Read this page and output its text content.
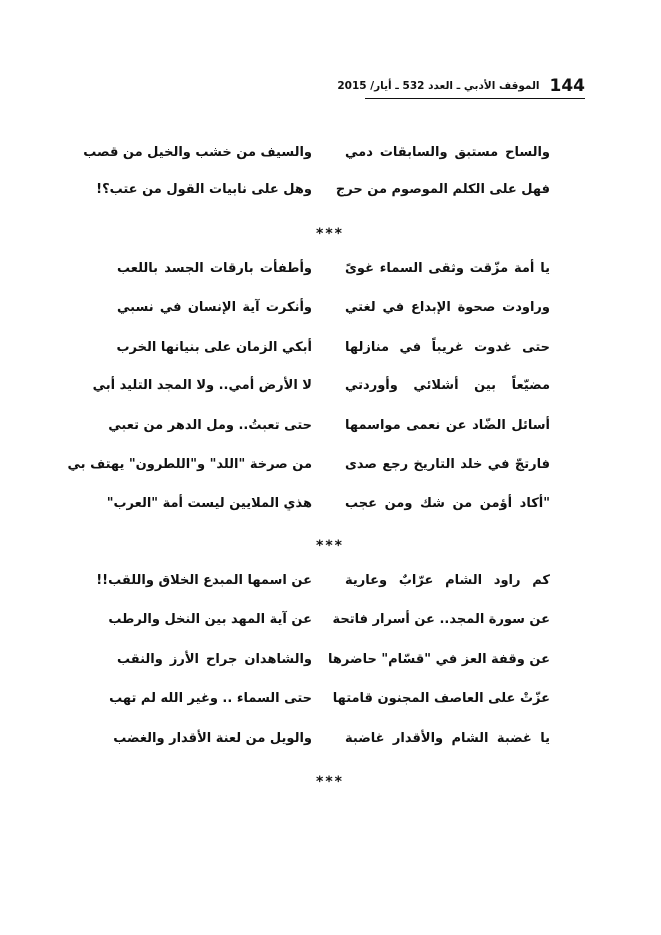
144
الموقف الأدبي ـ العدد 532 ـ أيار/ 2015
والساح مستبق والسابقات دمي
والسيف من خشب والخيل من قصب
فهل على الكلم الموصوم من حرج
وهل على نابيات القول من عتب؟!
***
يا أمة مزّقت وثقى السماء غوىً
وأطفأت بارقات الجسد باللعب
وراودت صحوة الإبداع في لغتي
وأنكرت آية الإنسان في نسبي
حتى غدوت غريباً في منازلها
أبكي الزمان على بنيانها الخرب
مضيّعاً بين أشلائي وأوردتي
لا الأرض أمي.. ولا المجد التليد أبي
أسائل الضّاد عن نعمى مواسمها
حتى تعبتُ.. ومل الدهر من تعبي
فارتجّ في خلد التاريخ رجع صدى
من صرخة "اللد" و"اللطرون" يهتف بي
"أكاد أؤمن من شك ومن عجب
هذي الملايين ليست أمة "العرب"
***
كم راود الشام عرّابٌ وعارية
عن اسمها المبدع الخلاق واللقب!!
عن سورة المجد.. عن أسرار فاتحة
عن آية المهد بين النخل والرطب
عن وقفة العز في "قسّام" حاضرها
والشاهدان جراح الأرز والنقب
عزّتْ على العاصف المجنون قامتها
حتى السماء .. وغير الله لم تهب
يا غضبة الشام والأقدار غاضبة
والويل من لعنة الأقدار والغضب
***
